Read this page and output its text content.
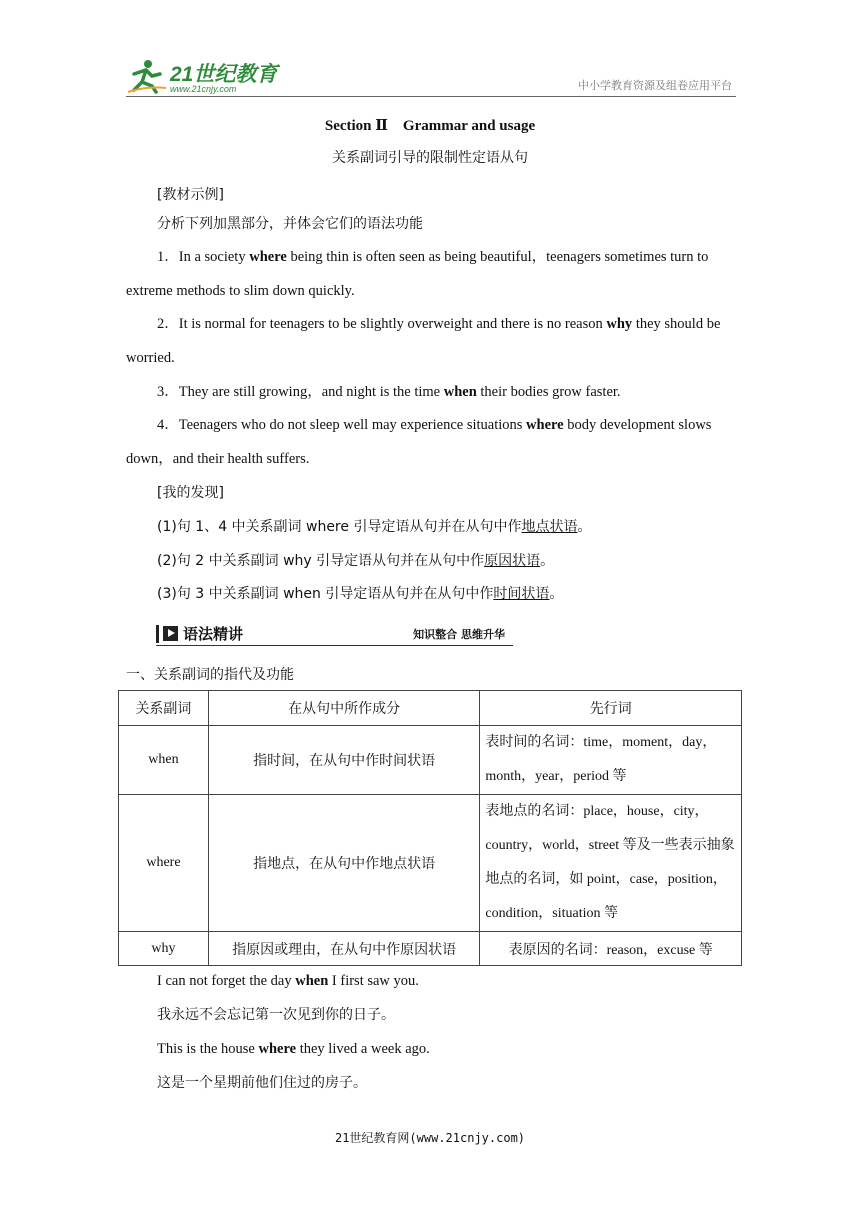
21世纪教育
www.21cnjy.com	中小学教育资源及组卷应用平台
Section Ⅱ　Grammar and usage
关系副词引导的限制性定语从句
[教材示例]
分析下列加黑部分，并体会它们的语法功能
1．In a society where being thin is often seen as being beautiful，teenagers sometimes turn to extreme methods to slim down quickly.
2．It is normal for teenagers to be slightly overweight and there is no reason why they should be worried.
3．They are still growing，and night is the time when their bodies grow faster.
4．Teenagers who do not sleep well may experience situations where body development slows down，and their health suffers.
[我的发现]
(1)句 1、4 中关系副词 where 引导定语从句并在从句中作地点状语。
(2)句 2 中关系副词 why 引导定语从句并在从句中作原因状语。
(3)句 3 中关系副词 when 引导定语从句并在从句中作时间状语。
语法精讲	知识整合 思维升华
一、关系副词的指代及功能
关系副词	在从句中所作成分	先行词
when	指时间，在从句中作时间状语	表时间的名词：time，moment，day，month，year，period 等
where	指地点，在从句中作地点状语	表地点的名词：place，house，city，country，world，street 等及一些表示抽象地点的名词，如 point，case，position，condition，situation 等
why	指原因或理由，在从句中作原因状语	表原因的名词：reason，excuse 等
I can not forget the day when I first saw you.
我永远不会忘记第一次见到你的日子。
This is the house where they lived a week ago.
这是一个星期前他们住过的房子。
21世纪教育网(www.21cnjy.com)
